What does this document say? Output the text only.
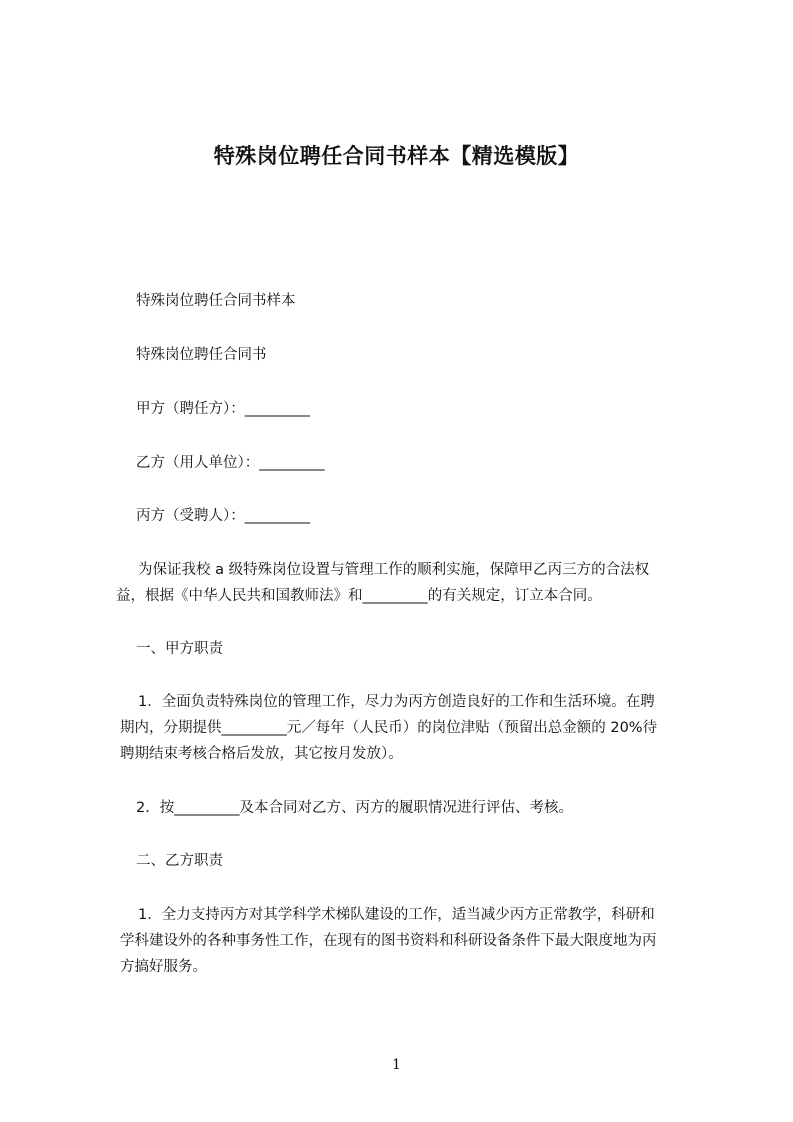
特殊岗位聘任合同书样本【精选模版】
特殊岗位聘任合同书样本
特殊岗位聘任合同书
甲方（聘任方）：_________
乙方（用人单位）：_________
丙方（受聘人）：_________
为保证我校 a 级特殊岗位设置与管理工作的顺利实施，保障甲乙丙三方的合法权
益，根据《中华人民共和国教师法》和_________的有关规定，订立本合同。
一、甲方职责
1．全面负责特殊岗位的管理工作，尽力为丙方创造良好的工作和生活环境。在聘
期内，分期提供_________元／每年（人民币）的岗位津贴（预留出总金额的 20%待
聘期结束考核合格后发放，其它按月发放）。
2．按_________及本合同对乙方、丙方的履职情况进行评估、考核。
二、乙方职责
1．全力支持丙方对其学科学术梯队建设的工作，适当减少丙方正常教学，科研和
学科建设外的各种事务性工作，在现有的图书资料和科研设备条件下最大限度地为丙
方搞好服务。
1
